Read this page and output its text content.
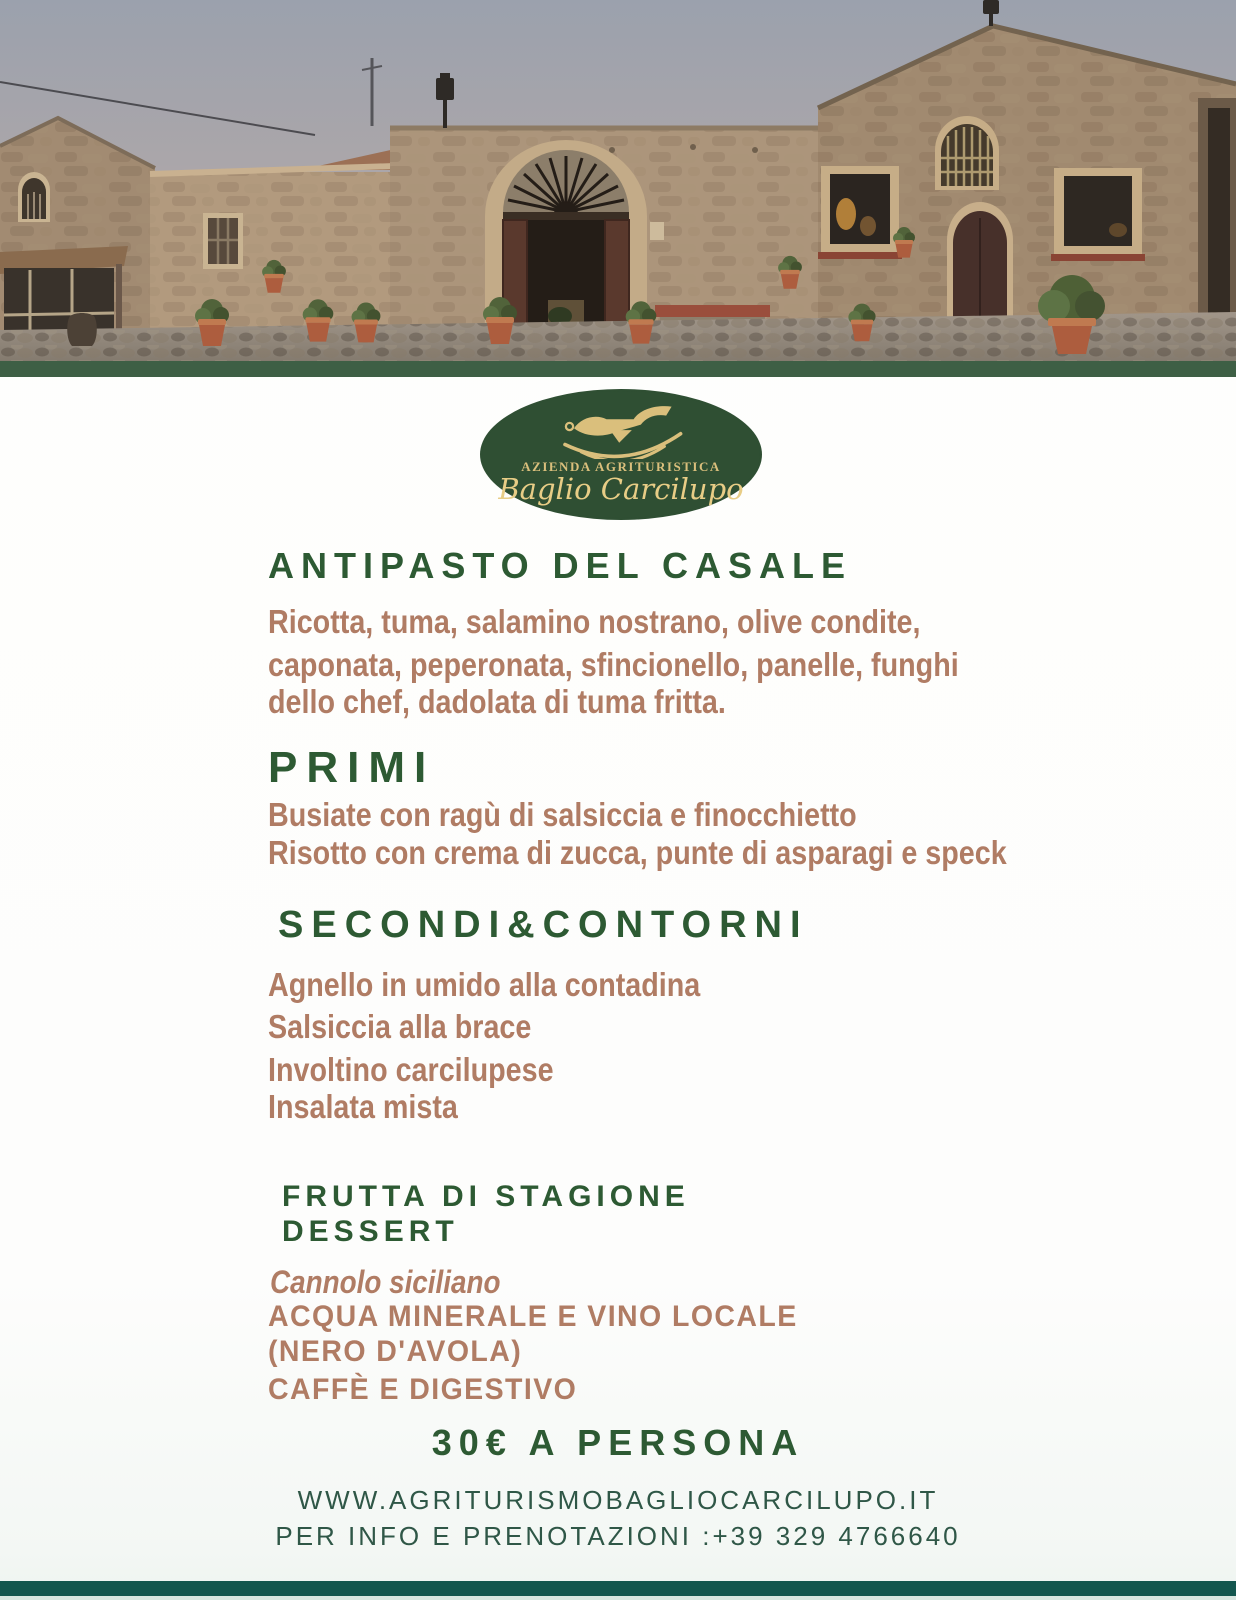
AZIENDA AGRITURISTICA
Baglio Carcilupo
ANTIPASTO DEL CASALE
Ricotta, tuma, salamino nostrano, olive condite,
caponata, peperonata, sfincionello, panelle, funghi
dello chef, dadolata di tuma fritta.
PRIMI
Busiate con ragù di salsiccia e finocchietto
Risotto con crema di zucca, punte di asparagi e speck
SECONDI&CONTORNI
Agnello in umido alla contadina
Salsiccia alla brace
Involtino carcilupese
Insalata mista
FRUTTA DI STAGIONE
DESSERT
Cannolo siciliano
ACQUA MINERALE E VINO LOCALE
(NERO D'AVOLA)
CAFFÈ E DIGESTIVO
30€ A PERSONA
WWW.AGRITURISMOBAGLIOCARCILUPO.IT
PER INFO E PRENOTAZIONI :+39 329 4766640
